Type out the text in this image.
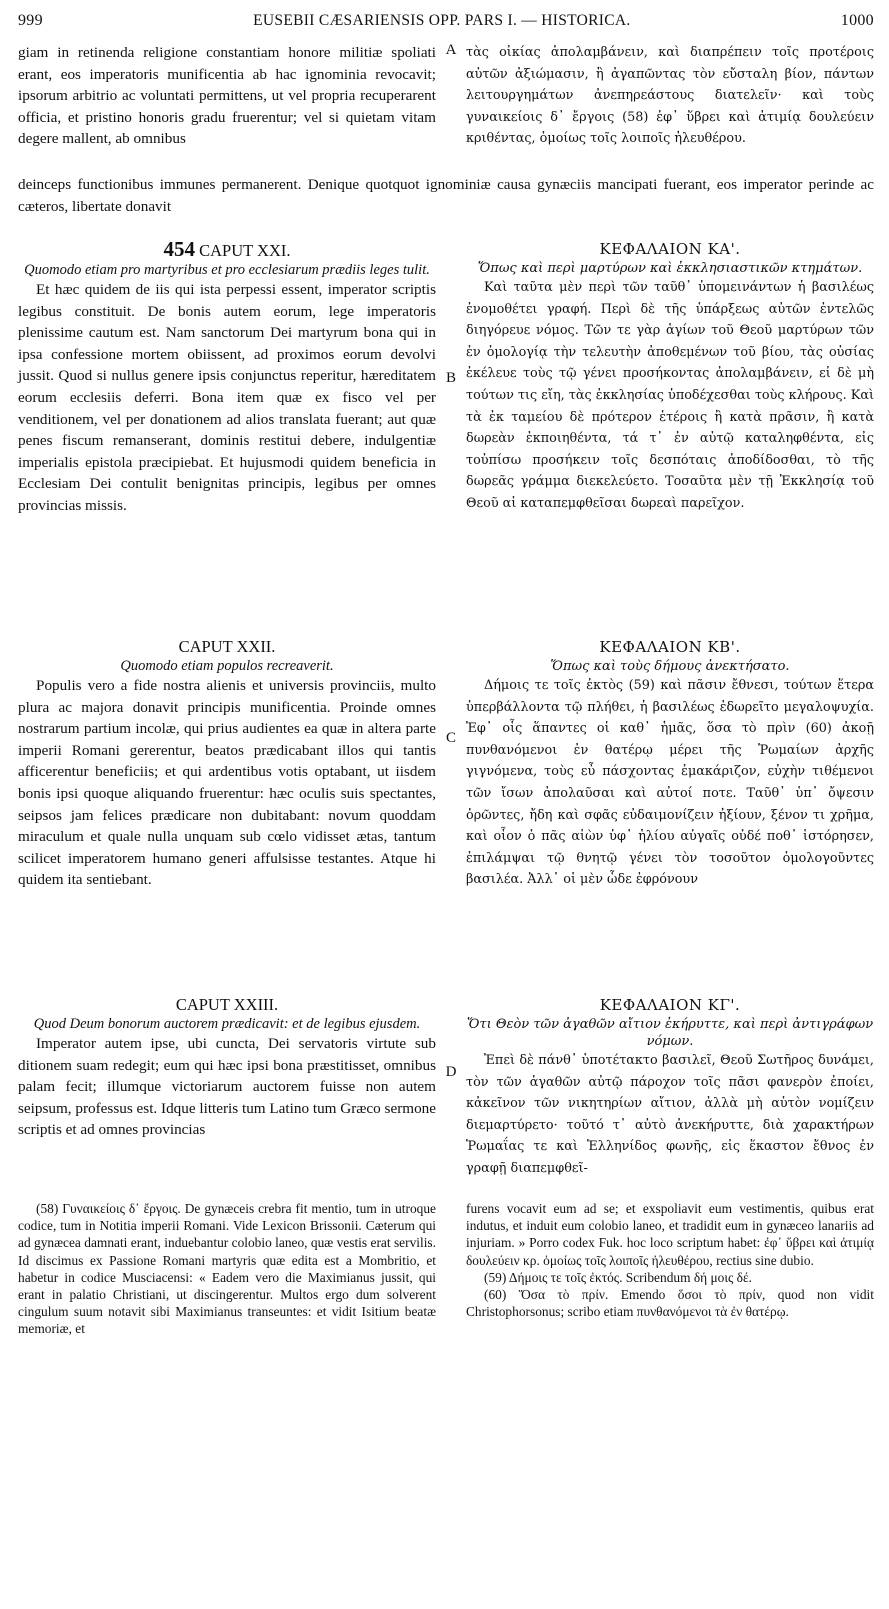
999	EUSEBII CÆSARIENSIS OPP. PARS I. — HISTORICA.	1000

giam in retinenda religione constantiam honore militiæ spoliati erant, eos imperatoris munificentia ab hac ignominia revocavit; ipsorum arbitrio ac voluntati permittens, ut vel propria recuperarent officia, et pristino honoris gradu fruerentur; vel si quietam vitam degere mallent, ab omnibus

A τὰς οἰκίας ἀπολαμβάνειν, καὶ διαπρέπειν τοῖς προτέροις αὐτῶν ἀξιώμασιν, ἢ ἀγαπῶντας τὸν εὔσταλη βίον, πάντων λειτουργημάτων ἀνεπηρεάστους διατελεῖν· καὶ τοὺς γυναικείοις δ᾿ ἔργοις (58) ἐφ᾿ ὕβρει καὶ ἀτιμίᾳ δουλεύειν κριθέντας, ὁμοίως τοῖς λοιποῖς ἠλευθέρου.

deinceps functionibus immunes permanerent. Denique quotquot ignominiæ causa gynæciis mancipati fuerant, eos imperator perinde ac cæteros, libertate donavit

454 CAPUT XXI.
Quomodo etiam pro martyribus et pro ecclesiarum prædiis leges tulit.

Et hæc quidem de iis qui ista perpessi essent, imperator scriptis legibus constituit. De bonis autem eorum, lege imperatoris plenissime cautum est. Nam sanctorum Dei martyrum bona qui in ipsa confessione mortem obiissent, ad proximos eorum devolvi jussit. Quod si nullus genere ipsis conjunctus reperitur, hæreditatem eorum ecclesiis deferri. Bona item quæ ex fisco vel per venditionem, vel per donationem ad alios translata fuerant; aut quæ penes fiscum remanserant, dominis restitui debere, indulgentiæ imperialis epistola præcipiebat. Et hujusmodi quidem beneficia in Ecclesiam Dei contulit benignitas principis, legibus per omnes provincias missis.

B
ΚΕΦΑΛΑΙΟΝ ΚΑ'.
Ὅπως καὶ περὶ μαρτύρων καὶ ἐκκλησιαστικῶν κτημάτων.

Καὶ ταῦτα μὲν περὶ τῶν ταῦθ᾿ ὑπομεινάντων ἡ βασιλέως ἐνομοθέτει γραφή. Περὶ δὲ τῆς ὑπάρξεως αὐτῶν ἐντελῶς διηγόρευε νόμος. Τῶν τε γὰρ ἁγίων τοῦ Θεοῦ μαρτύρων τῶν ἐν ὁμολογίᾳ τὴν τελευτὴν ἀποθεμένων τοῦ βίου, τὰς οὐσίας ἐκέλευε τοὺς τῷ γένει προσήκοντας ἀπολαμβάνειν, εἰ δὲ μὴ τούτων τις εἴη, τὰς ἐκκλησίας ὑποδέχεσθαι τοὺς κλήρους. Καὶ τὰ ἐκ ταμείου δὲ πρότερον ἑτέροις ἢ κατὰ πρᾶσιν, ἢ κατὰ δωρεὰν ἐκποιηθέντα, τά τ᾿ ἐν αὐτῷ καταληφθέντα, εἰς τοὐπίσω προσήκειν τοῖς δεσπόταις ἀποδίδοσθαι, τὸ τῆς δωρεᾶς γράμμα διεκελεύετο. Τοσαῦτα μὲν τῇ Ἐκκλησίᾳ τοῦ Θεοῦ αἱ καταπεμφθεῖσαι δωρεαὶ παρεῖχον.

CAPUT XXII.
Quomodo etiam populos recreaverit.

Populis vero a fide nostra alienis et universis provinciis, multo plura ac majora donavit principis munificentia. Proinde omnes nostrarum partium incolæ, qui prius audientes ea quæ in altera parte imperii Romani gererentur, beatos prædicabant illos qui tantis afficerentur beneficiis; et qui ardentibus votis optabant, ut iisdem bonis ipsi quoque aliquando fruerentur: hæc oculis suis spectantes, seipsos jam felices prædicare non dubitabant: novum quoddam miraculum et quale nulla unquam sub cœlo vidisset ætas, tantum scilicet imperatorem humano generi affulsisse testantes. Atque hi quidem ita sentiebant.

C
ΚΕΦΑΛΑΙΟΝ ΚΒ'.
Ὅπως καὶ τοὺς δήμους ἀνεκτήσατο.

Δήμοις τε τοῖς ἐκτὸς (59) καὶ πᾶσιν ἔθνεσι, τούτων ἕτερα ὑπερβάλλοντα τῷ πλήθει, ἡ βασιλέως ἐδωρεῖτο μεγαλοψυχία. Ἐφ᾿ οἷς ἅπαντες οἱ καθ᾿ ἡμᾶς, ὅσα τὸ πρὶν (60) ἀκοῇ πυνθανόμενοι ἐν θατέρῳ μέρει τῆς Ῥωμαίων ἀρχῆς γιγνόμενα, τοὺς εὖ πάσχοντας ἐμακάριζον, εὐχὴν τιθέμενοι τῶν ἴσων ἀπολαῦσαι καὶ αὐτοί ποτε. Ταῦθ᾿ ὑπ᾿ ὄψεσιν ὁρῶντες, ἤδη καὶ σφᾶς εὐδαιμονίζειν ἠξίουν, ξένον τι χρῆμα, καὶ οἷον ὁ πᾶς αἰὼν ὑφ᾿ ἡλίου αὐγαῖς οὐδέ ποθ᾿ ἱστόρησεν, ἐπιλάμψαι τῷ θνητῷ γένει τὸν τοσοῦτον ὁμολογοῦντες βασιλέα. Ἀλλ᾿ οἱ μὲν ὧδε ἐφρόνουν

CAPUT XXIII.
Quod Deum bonorum auctorem prædicavit: et de legibus ejusdem.

Imperator autem ipse, ubi cuncta, Dei servatoris virtute sub ditionem suam redegit; eum qui hæc ipsi bona præstitisset, omnibus palam fecit; illumque victoriarum auctorem fuisse non autem seipsum, professus est. Idque litteris tum Latino tum Græco sermone scriptis et ad omnes provincias

D
ΚΕΦΑΛΑΙΟΝ ΚΓ'.
Ὅτι Θεὸν τῶν ἀγαθῶν αἴτιον ἐκήρυττε, καὶ περὶ ἀντιγράφων νόμων.

Ἐπεὶ δὲ πάνθ᾿ ὑποτέτακτο βασιλεῖ, Θεοῦ Σωτῆρος δυνάμει, τὸν τῶν ἀγαθῶν αὐτῷ πάροχον τοῖς πᾶσι φανερὸν ἐποίει, κἀκεῖνον τῶν νικητηρίων αἴτιον, ἀλλὰ μὴ αὑτὸν νομίζειν διεμαρτύρετο· τοῦτό τ᾿ αὐτὸ ἀνεκήρυττε, διὰ χαρακτήρων Ῥωμαΐας τε καὶ Ἑλληνίδος φωνῆς, εἰς ἕκαστον ἔθνος ἐν γραφῇ διαπεμφθεῖ-

(58) Γυναικείοις δ᾿ ἔργοις. De gynæceis crebra fit mentio, tum in utroque codice, tum in Notitia imperii Romani. Vide Lexicon Brissonii. Cæterum qui ad gynæcea damnati erant, induebantur colobio laneo, quæ vestis erat servilis. Id discimus ex Passione Romani martyris quæ edita est a Mombritio, et habetur in codice Musciacensi: « Eadem vero die Maximianus jussit, qui erant in palatio Christiani, ut discingerentur. Multos ergo dum solverent cingulum suum notavit sibi Maximianus transeuntes: et vidit Isitium beatæ memoriæ, et

furens vocavit eum ad se; et exspoliavit eum vestimentis, quibus erat indutus, et induit eum colobio laneo, et tradidit eum in gynæceo lanariis ad injuriam. » Porro codex Fuk. hoc loco scriptum habet: ἐφ᾿ ὕβρει καὶ ἀτιμίᾳ δουλεύειν κρ. ὁμοίως τοῖς λοιποῖς ἠλευθέρου, rectius sine dubio.

(59) Δήμοις τε τοῖς ἐκτός. Scribendum δή μοις δέ.

(60) Ὅσα τὸ πρίν. Emendo ὅσοι τὸ πρίν, quod non vidit Christophorsonus; scribo etiam πυνθανόμενοι τὰ ἐν θατέρῳ.
